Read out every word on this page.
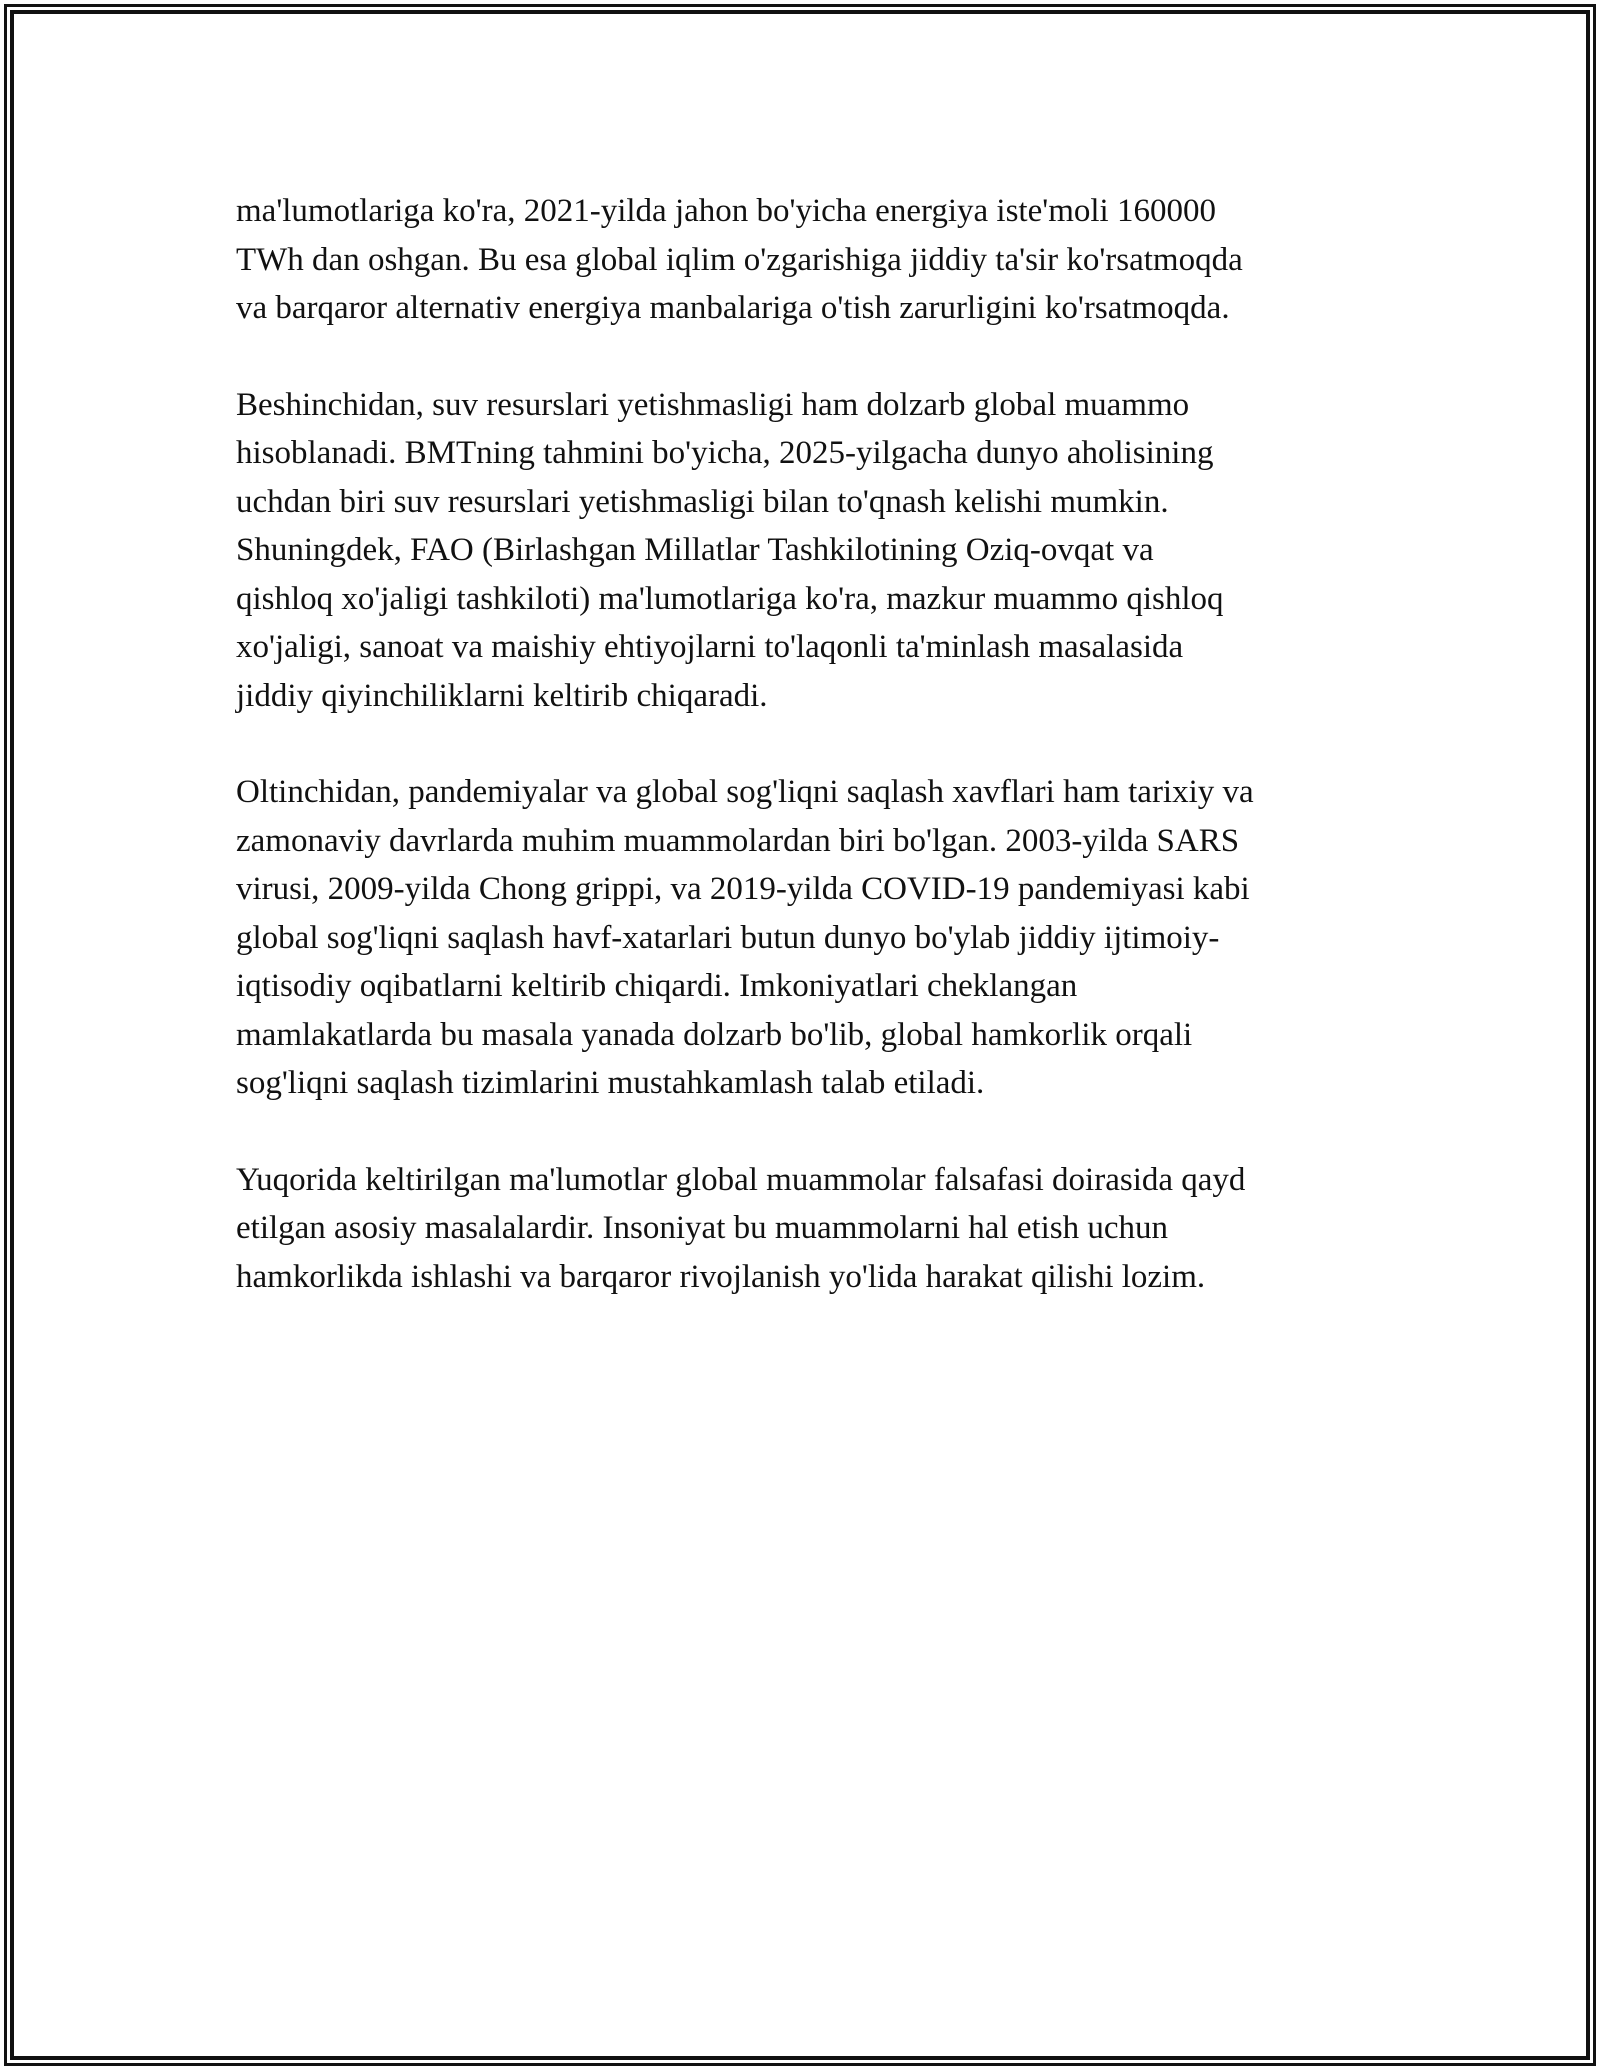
ma'lumotlariga ko'ra, 2021-yilda jahon bo'yicha energiya iste'moli 160000
TWh dan oshgan. Bu esa global iqlim o'zgarishiga jiddiy ta'sir ko'rsatmoqda
va barqaror alternativ energiya manbalariga o'tish zarurligini ko'rsatmoqda.

Beshinchidan, suv resurslari yetishmasligi ham dolzarb global muammo
hisoblanadi. BMTning tahmini bo'yicha, 2025-yilgacha dunyo aholisining
uchdan biri suv resurslari yetishmasligi bilan to'qnash kelishi mumkin.
Shuningdek, FAO (Birlashgan Millatlar Tashkilotining Oziq-ovqat va
qishloq xo'jaligi tashkiloti) ma'lumotlariga ko'ra, mazkur muammo qishloq
xo'jaligi, sanoat va maishiy ehtiyojlarni to'laqonli ta'minlash masalasida
jiddiy qiyinchiliklarni keltirib chiqaradi.

Oltinchidan, pandemiyalar va global sog'liqni saqlash xavflari ham tarixiy va
zamonaviy davrlarda muhim muammolardan biri bo'lgan. 2003-yilda SARS
virusi, 2009-yilda Chong grippi, va 2019-yilda COVID-19 pandemiyasi kabi
global sog'liqni saqlash havf-xatarlari butun dunyo bo'ylab jiddiy ijtimoiy-
iqtisodiy oqibatlarni keltirib chiqardi. Imkoniyatlari cheklangan
mamlakatlarda bu masala yanada dolzarb bo'lib, global hamkorlik orqali
sog'liqni saqlash tizimlarini mustahkamlash talab etiladi.

Yuqorida keltirilgan ma'lumotlar global muammolar falsafasi doirasida qayd
etilgan asosiy masalalardir. Insoniyat bu muammolarni hal etish uchun
hamkorlikda ishlashi va barqaror rivojlanish yo'lida harakat qilishi lozim.
